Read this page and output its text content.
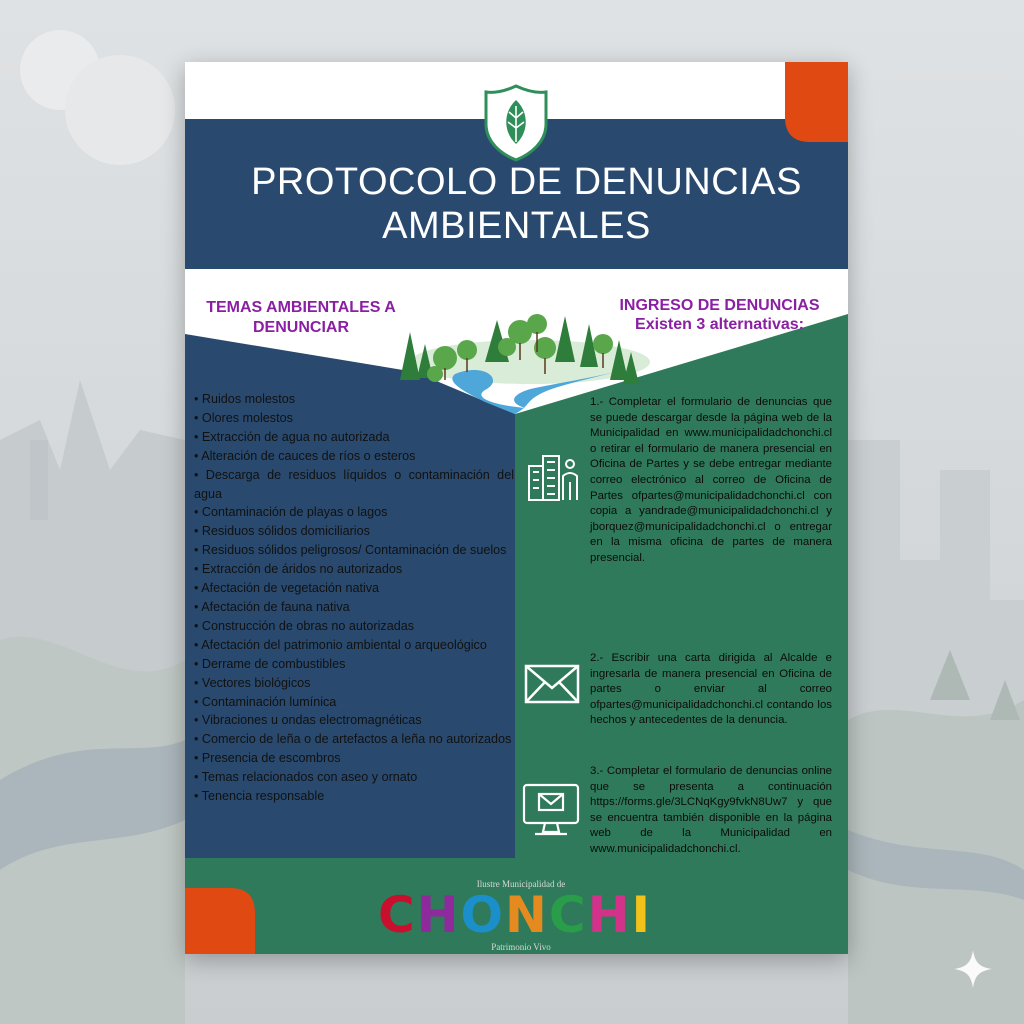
PROTOCOLO DE DENUNCIAS
AMBIENTALES
TEMAS AMBIENTALES A DENUNCIAR
INGRESO DE DENUNCIAS
Existen 3 alternativas:
• Ruidos molestos
• Olores molestos
• Extracción de agua no autorizada
• Alteración de cauces de ríos o esteros
• Descarga de residuos líquidos o contaminación del agua
• Contaminación de playas o lagos
• Residuos sólidos domiciliarios
• Residuos sólidos peligrosos/ Contaminación de suelos
• Extracción de áridos no autorizados
• Afectación de vegetación nativa
• Afectación de fauna nativa
• Construcción de obras no autorizadas
• Afectación del patrimonio ambiental o arqueológico
• Derrame de combustibles
• Vectores biológicos
• Contaminación lumínica
• Vibraciones u ondas electromagnéticas
• Comercio de leña o de artefactos a leña no autorizados
• Presencia de escombros
• Temas relacionados con aseo y ornato
• Tenencia responsable
1.- Completar el formulario de denuncias que se puede descargar desde la página web de la Municipalidad en www.municipalidadchonchi.cl o retirar el formulario de manera presencial en Oficina de Partes y se debe entregar mediante correo electrónico al correo de Oficina de Partes ofpartes@municipalidadchonchi.cl con copia a yandrade@municipalidadchonchi.cl y jborquez@municipalidadchonchi.cl o entregar en la misma oficina de partes de manera presencial.
2.- Escribir una carta dirigida al Alcalde e ingresarla de manera presencial en Oficina de partes o enviar al correo ofpartes@municipalidadchonchi.cl contando los hechos y antecedentes de la denuncia.
3.- Completar el formulario de denuncias online que se presenta a continuación https://forms.gle/3LCNqKgy9fvkN8Uw7 y que se encuentra también disponible en la página web de la Municipalidad en www.municipalidadchonchi.cl.
Ilustre Municipalidad de
CHONCHI
Patrimonio Vivo
